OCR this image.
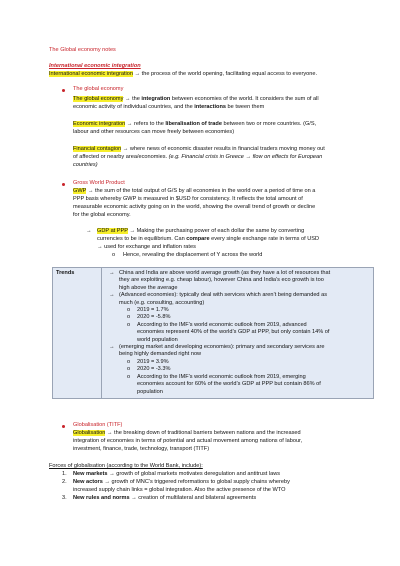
The Global economy notes
International economic integration
International economic integration → the process of the world opening, facilitating equal access to everyone.
The global economy
The global economy → the integration between economies of the world. It considers the sum of all
economic activity of individual countries, and the interactions be tween them
Economic integration → refers to the liberalisation of trade between two or more countries. (G/S,
labour and other resources can move freely between economies)
Financial contagion → where news of economic disaster results in financial traders moving money out
of affected or nearby area/economies. (e.g. Financial crisis in Greece → flow on effects for European
countries)
Gross World Product
GWP → the sum of the total output of G/S by all economies in the world over a period of time on a
PPP basis whereby GWP is measured in $USD for consistency. It reflects the total amount of
measurable economic activity going on in the world, showing the overall trend of growth or decline
for the global economy.
→ GDP at PPP → Making the purchasing power of each dollar the same by converting
currencies to be in equilibrium. Can compare every single exchange rate in terms of USD
→ used for exchange and inflation rates
o Hence, revealing the displacement of Y across the world
Trends	→ China and India are above world average growth (as they have a lot of resources that
they are exploiting e.g. cheap labour), however China and India’s eco growth is too
high above the average
→ (Advanced economies): typically deal with services which aren’t being demanded as
much (e.g. consulting, accounting)
o 2019 = 1.7%
o 2020 = -5.8%
o According to the IMF’s world economic outlook from 2019, advanced
economies represent 40% of the world’s GDP at PPP, but only contain 14% of
world population
→ (emerging market and developing economies): primary and secondary services are
being highly demanded right now
o 2019 = 3.9%
o 2020 = -3.3%
o According to the IMF’s world economic outlook from 2019, emerging
economies account for 60% of the world’s GDP at PPP but contain 86% of
population
Globalisation (TITF)
Globalisation → the breaking down of traditional barriers between nations and the increased
integration of economies in terms of potential and actual movement among nations of labour,
investment, finance, trade, technology, transport (TITF)
Forces of globalisation (according to the World Bank, include):
1. New markets → growth of global markets motivates deregulation and antitrust laws
2. New actors → growth of MNC’s triggered reformations to global supply chains whereby
increased supply chain links = global integration. Also the active presence of the WTO
3. New rules and norms → creation of multilateral and bilateral agreements
